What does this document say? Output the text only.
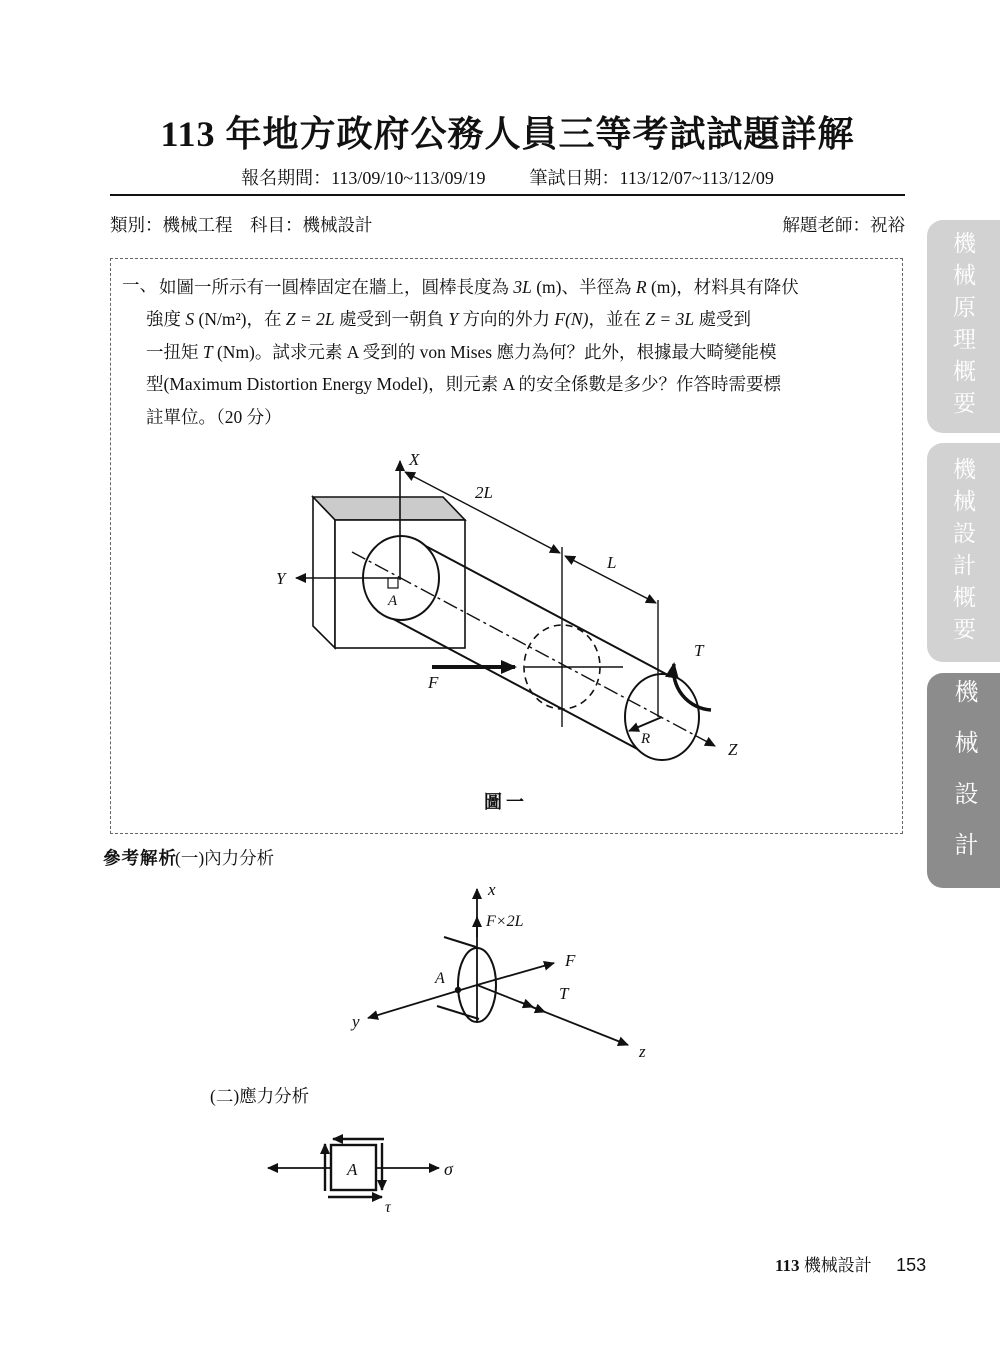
113 年地方政府公務人員三等考試試題詳解
報名期間：113/09/10~113/09/19 筆試日期：113/12/07~113/12/09
類別：機械工程　科目：機械設計	解題老師：祝裕
機械原理概要
機械設計概要
機械設計
一、 如圖一所示有一圓棒固定在牆上，圓棒長度為 3L (m)、半徑為 R (m)，材料具有降伏
強度 S (N/m²)，在 Z = 2L 處受到一朝負 Y 方向的外力 F(N)，並在 Z = 3L 處受到
一扭矩 T (Nm)。試求元素 A 受到的 von Mises 應力為何？此外，根據最大畸變能模
型(Maximum Distortion Energy Model)，則元素 A 的安全係數是多少？作答時需要標
註單位。（20 分）
X
Y
Z
A
2L
L
F
T
R
圖一
參考解析
(一)內力分析
x
F×2L
A
y
F
T
z
(二)應力分析
A	σ
τ
113 機械設計 153
